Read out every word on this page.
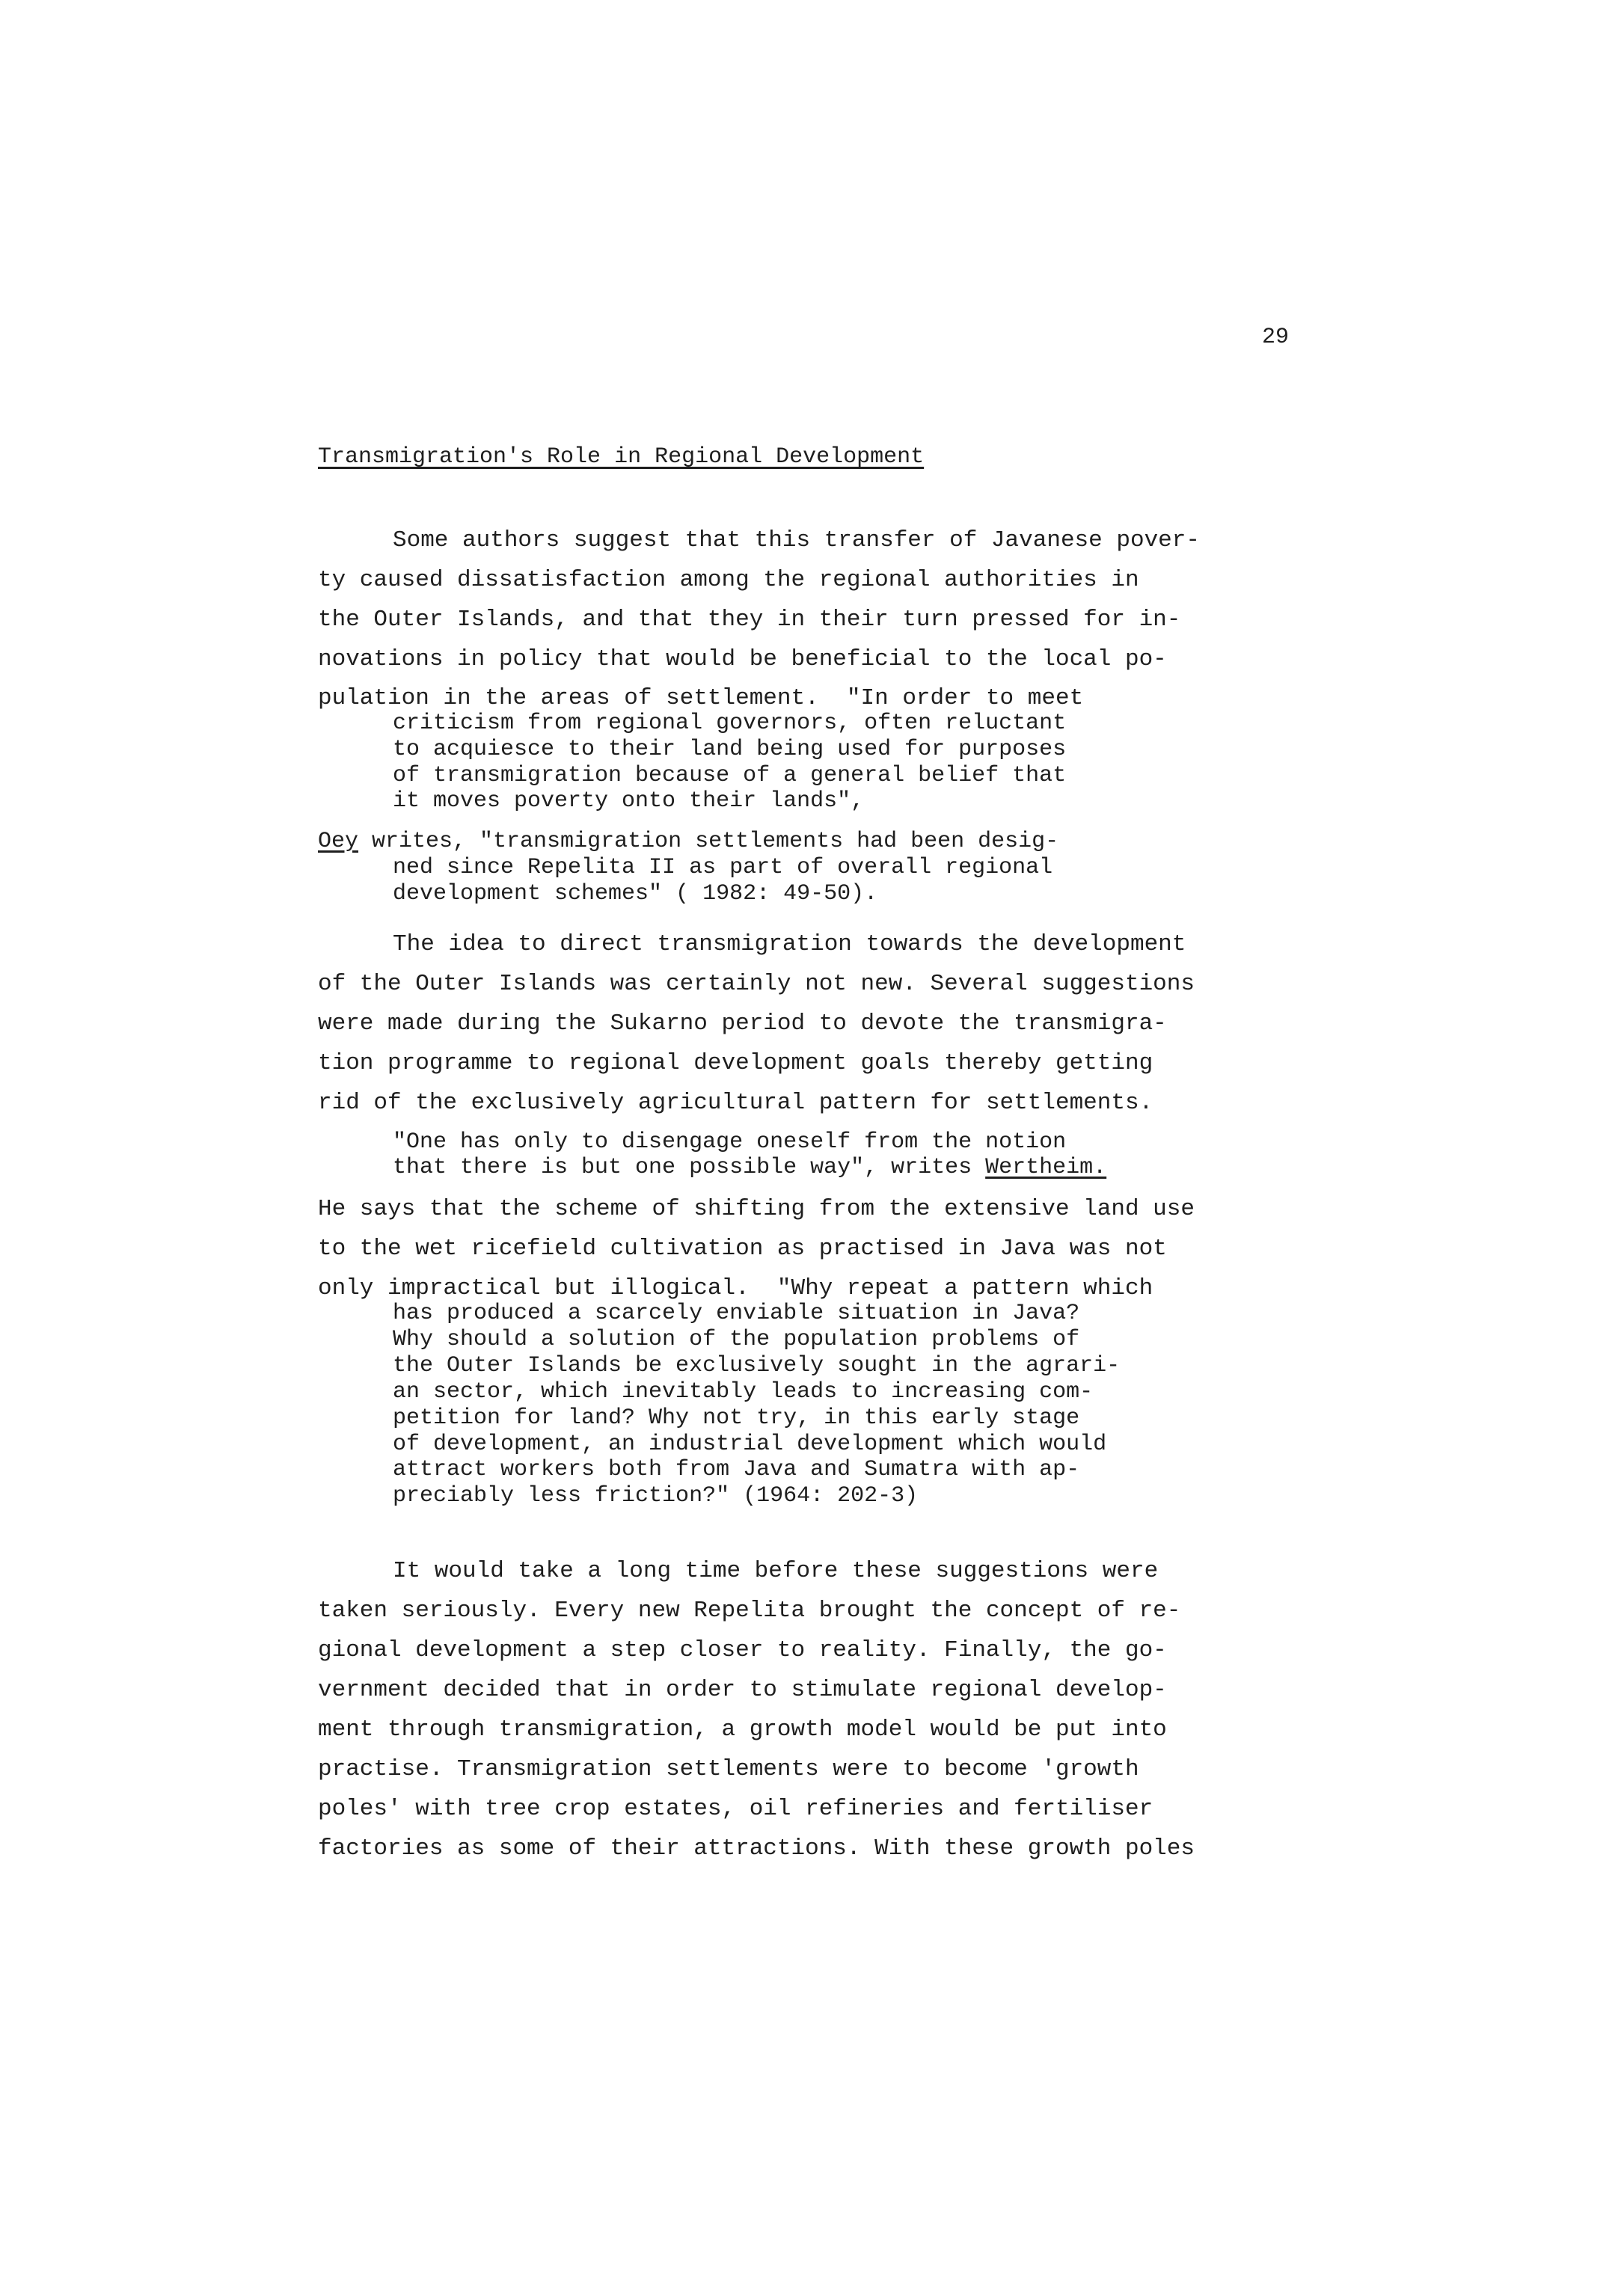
29
Transmigration's Role in Regional Development
Some authors suggest that this transfer of Javanese pover-
ty caused dissatisfaction among the regional authorities in
the Outer Islands, and that they in their turn pressed for in-
novations in policy that would be beneficial to the local po-
pulation in the areas of settlement.  "In order to meet
criticism from regional governors, often reluctant
to acquiesce to their land being used for purposes
of transmigration because of a general belief that
it moves poverty onto their lands",
Oey writes, "transmigration settlements had been desig-
ned since Repelita II as part of overall regional
development schemes" ( 1982: 49-50).
The idea to direct transmigration towards the development
of the Outer Islands was certainly not new. Several suggestions
were made during the Sukarno period to devote the transmigra-
tion programme to regional development goals thereby getting
rid of the exclusively agricultural pattern for settlements.
"One has only to disengage oneself from the notion
that there is but one possible way", writes Wertheim.
He says that the scheme of shifting from the extensive land use
to the wet ricefield cultivation as practised in Java was not
only impractical but illogical.  "Why repeat a pattern which
has produced a scarcely enviable situation in Java?
Why should a solution of the population problems of
the Outer Islands be exclusively sought in the agrari-
an sector, which inevitably leads to increasing com-
petition for land? Why not try, in this early stage
of development, an industrial development which would
attract workers both from Java and Sumatra with ap-
preciably less friction?" (1964: 202-3)
It would take a long time before these suggestions were
taken seriously. Every new Repelita brought the concept of re-
gional development a step closer to reality. Finally, the go-
vernment decided that in order to stimulate regional develop-
ment through transmigration, a growth model would be put into
practise. Transmigration settlements were to become 'growth
poles' with tree crop estates, oil refineries and fertiliser
factories as some of their attractions. With these growth poles
